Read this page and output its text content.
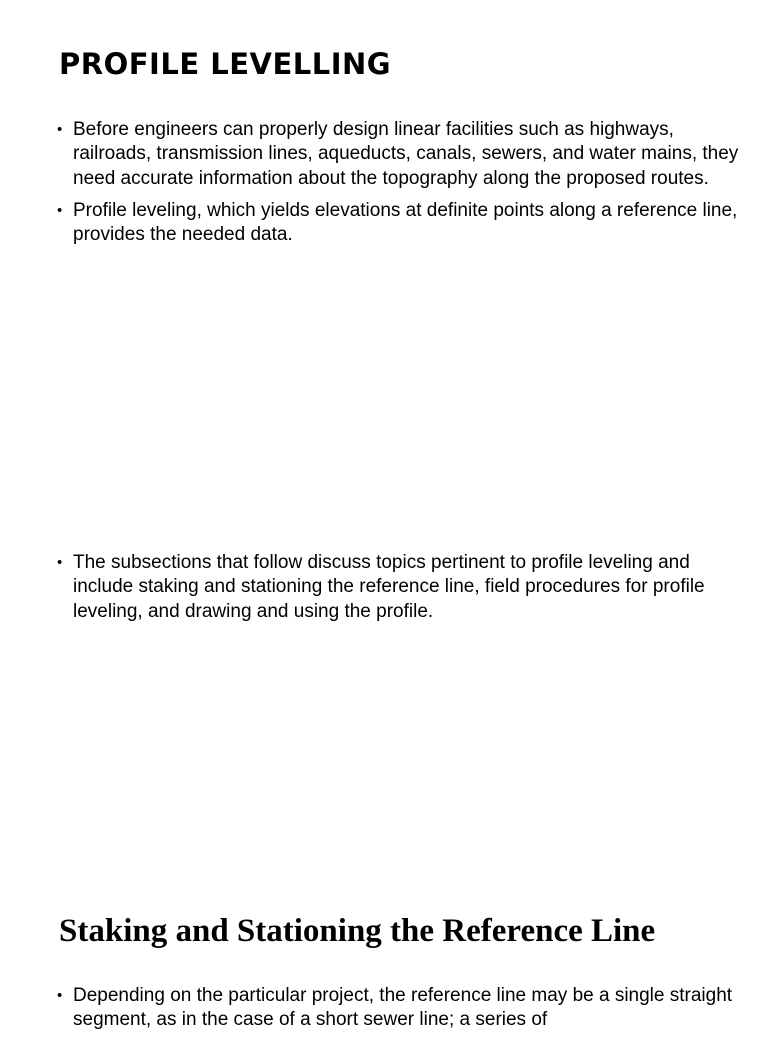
PROFILE LEVELLING
• Before engineers can properly design linear facilities such as highways, railroads, transmission lines, aqueducts, canals, sewers, and water mains, they need accurate information about the topography along the proposed routes.
• Profile leveling, which yields elevations at definite points along a reference line, provides the needed data.
• The subsections that follow discuss topics pertinent to profile leveling and include staking and stationing the reference line, field procedures for profile leveling, and drawing and using the profile.
Staking and Stationing the Reference Line
• Depending on the particular project, the reference line may be a single straight segment, as in the case of a short sewer line; a series of
